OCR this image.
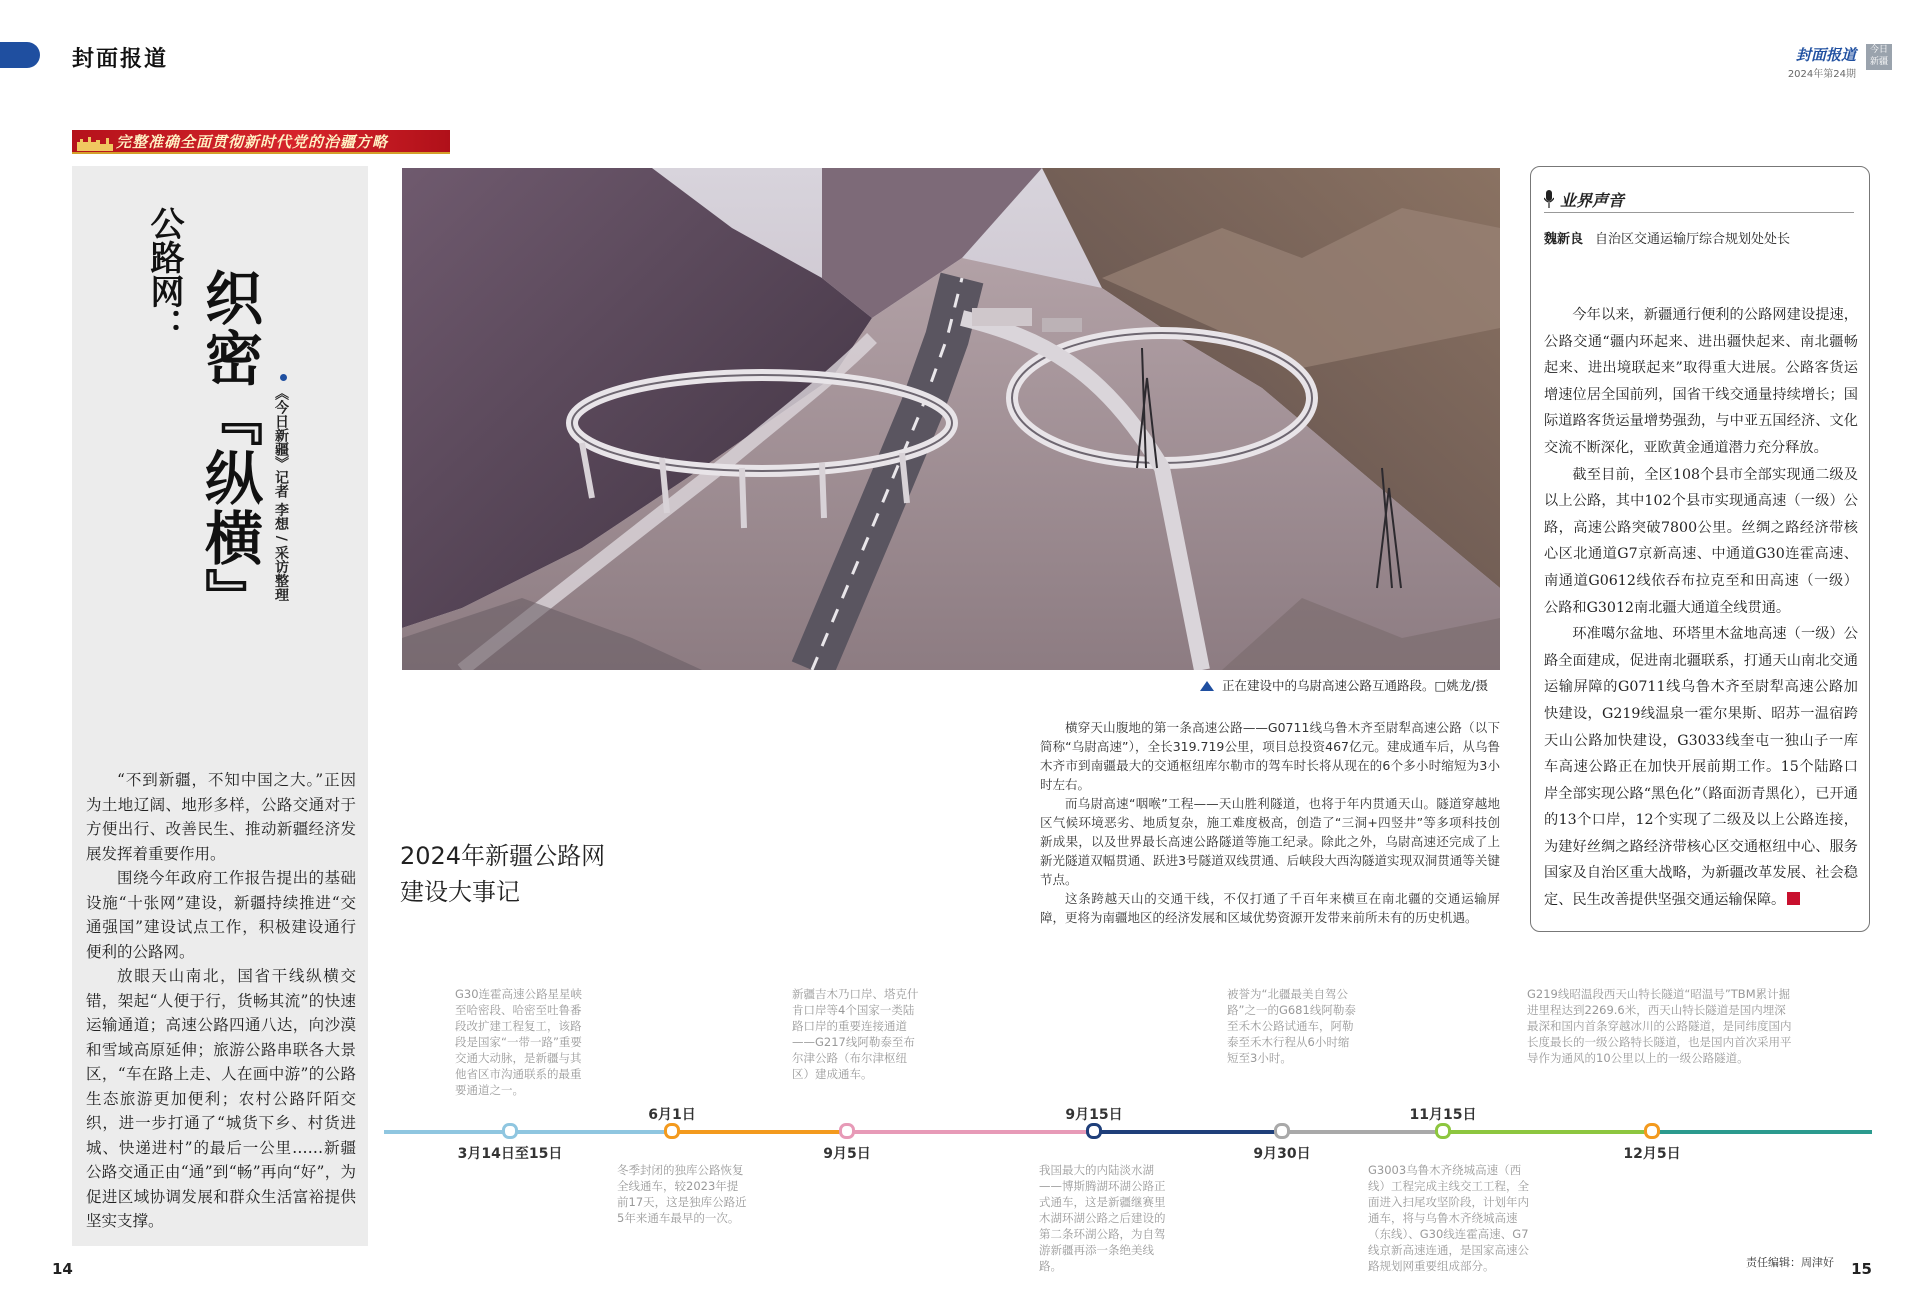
封面报道	封面报道
2024年第24期
今日新疆
完整准确全面贯彻新时代党的治疆方略
公路网： 织密『纵横』 《今日新疆》记者 李想 / 采访整理

“不到新疆，不知中国之大。”正因为土地辽阔、地形多样，公路交通对于方便出行、改善民生、推动新疆经济发展发挥着重要作用。

围绕今年政府工作报告提出的基础设施“十张网”建设，新疆持续推进“交通强国”建设试点工作，积极建设通行便利的公路网。

放眼天山南北，国省干线纵横交错，架起“人便于行，货畅其流”的快速运输通道；高速公路四通八达，向沙漠和雪域高原延伸；旅游公路串联各大景区，“车在路上走、人在画中游”的公路生态旅游更加便利；农村公路阡陌交织，进一步打通了“城货下乡、村货进城、快递进村”的最后一公里……新疆公路交通正由“通”到“畅”再向“好”，为促进区域协调发展和群众生活富裕提供坚实支撑。

正在建设中的乌尉高速公路互通路段。□姚龙/摄

横穿天山腹地的第一条高速公路——G0711线乌鲁木齐至尉犁高速公路（以下简称“乌尉高速”），全长319.719公里，项目总投资467亿元。建成通车后，从乌鲁木齐市到南疆最大的交通枢纽库尔勒市的驾车时长将从现在的6个多小时缩短为3小时左右。

而乌尉高速“咽喉”工程——天山胜利隧道，也将于年内贯通天山。隧道穿越地区气候环境恶劣、地质复杂，施工难度极高，创造了“三洞+四竖井”等多项科技创新成果，以及世界最长高速公路隧道等施工纪录。除此之外，乌尉高速还完成了上新光隧道双幅贯通、跃进3号隧道双线贯通、后峡段大西沟隧道实现双洞贯通等关键节点。

这条跨越天山的交通干线，不仅打通了千百年来横亘在南北疆的交通运输屏障，更将为南疆地区的经济发展和区域优势资源开发带来前所未有的历史机遇。

2024年新疆公路网
建设大事记
业界声音
魏新良 自治区交通运输厅综合规划处处长

今年以来，新疆通行便利的公路网建设提速，公路交通“疆内环起来、进出疆快起来、南北疆畅起来、进出境联起来”取得重大进展。公路客货运增速位居全国前列，国省干线交通量持续增长；国际道路客货运量增势强劲，与中亚五国经济、文化交流不断深化，亚欧黄金通道潜力充分释放。

截至目前，全区108个县市全部实现通二级及以上公路，其中102个县市实现通高速（一级）公路，高速公路突破7800公里。丝绸之路经济带核心区北通道G7京新高速、中通道G30连霍高速、南通道G0612线依吞布拉克至和田高速（一级）公路和G3012南北疆大通道全线贯通。

环准噶尔盆地、环塔里木盆地高速（一级）公路全面建成，促进南北疆联系，打通天山南北交通运输屏障的G0711线乌鲁木齐至尉犁高速公路加快建设，G219线温泉一霍尔果斯、昭苏一温宿跨天山公路加快建设，G3033线奎屯一独山子一库车高速公路正在加快开展前期工作。15个陆路口岸全部实现公路“黑色化”（路面沥青黑化），已开通的13个口岸，12个实现了二级及以上公路连接，为建好丝绸之路经济带核心区交通枢纽中心、服务国家及自治区重大战略，为新疆改革发展、社会稳定、民生改善提供坚强交通运输保障。

3月14日至15日
G30连霍高速公路星星峡至哈密段、哈密至吐鲁番段改扩建工程复工，该路段是国家“一带一路”重要交通大动脉，是新疆与其他省区市沟通联系的最重要通道之一。
6月1日
冬季封闭的独库公路恢复全线通车，较2023年提前17天，这是独库公路近5年来通车最早的一次。
9月5日
新疆吉木乃口岸、塔克什肯口岸等4个国家一类陆路口岸的重要连接通道——G217线阿勒泰至布尔津公路（布尔津枢纽区）建成通车。
9月15日
我国最大的内陆淡水湖——博斯腾湖环湖公路正式通车，这是新疆继赛里木湖环湖公路之后建设的第二条环湖公路，为自驾游新疆再添一条绝美线路。
9月30日
被誉为“北疆最美自驾公路”之一的G681线阿勒泰至禾木公路试通车，阿勒泰至禾木行程从6小时缩短至3小时。
11月15日
G3003乌鲁木齐绕城高速（西线）工程完成主线交工工程，全面进入扫尾攻坚阶段，计划年内通车，将与乌鲁木齐绕城高速（东线）、G30线连霍高速、G7线京新高速连通，是国家高速公路规划网重要组成部分。
12月5日
G219线昭温段西天山特长隧道“昭温号”TBM累计掘进里程达到2269.6米，西天山特长隧道是国内埋深最深和国内首条穿越冰川的公路隧道，是同纬度国内长度最长的一级公路特长隧道，也是国内首次采用平导作为通风的10公里以上的一级公路隧道。
14	15
责任编辑：周津好
